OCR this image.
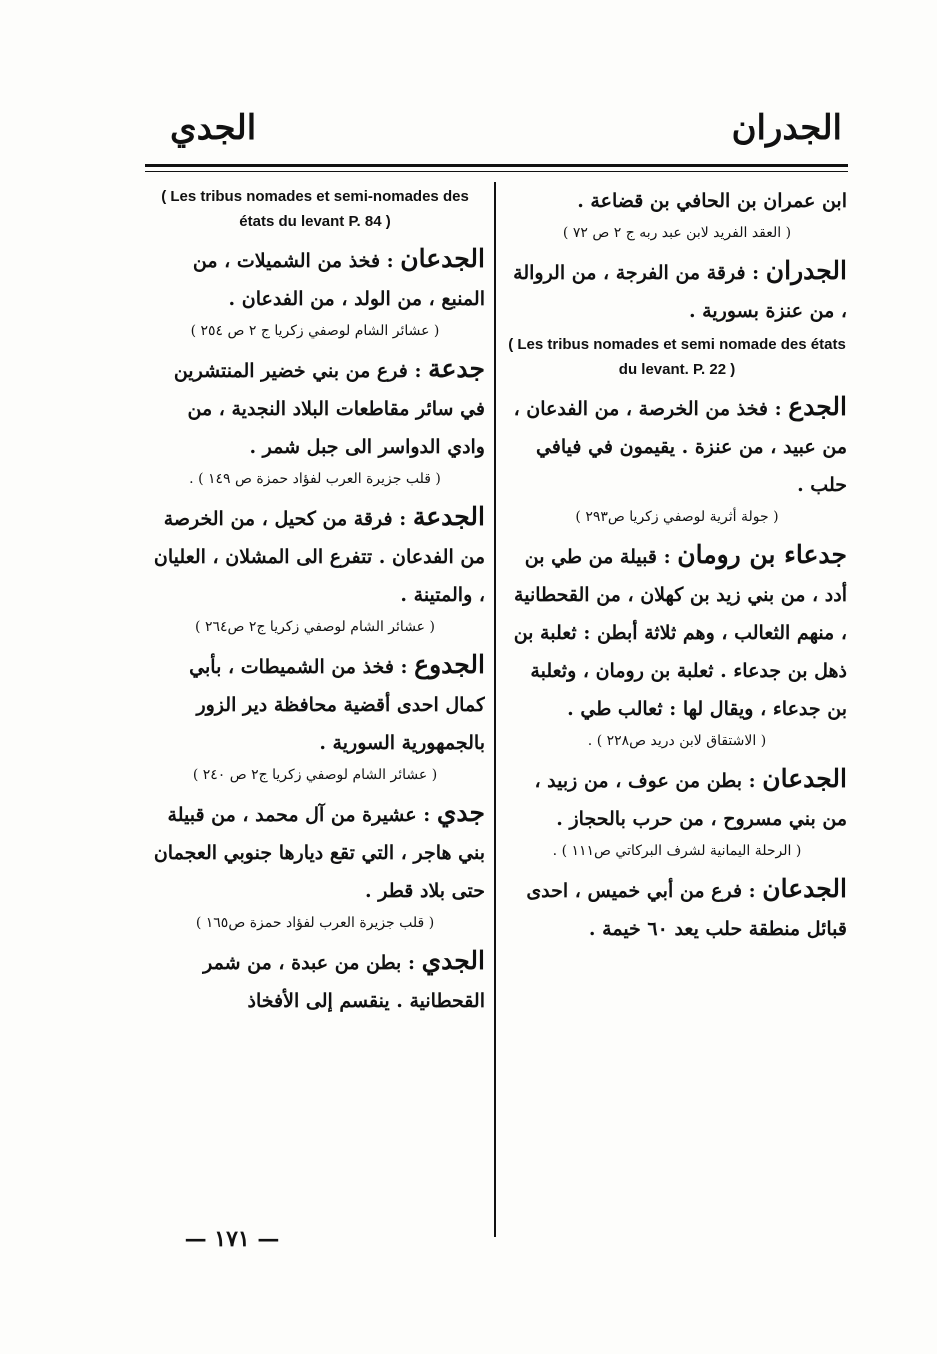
الجدران
الجدي

ابن عمران بن الحافي بن قضاعة .

( العقد الفريد لابن عبد ربه ج ٢ ص ٧٢ )

الجدران : فرقة من الفرجة ، من الروالة ، من عنزة بسورية .

( Les tribus nomades et semi nomade des états du levant. P. 22 )

الجدع : فخذ من الخرصة ، من الفدعان ، من عبيد ، من عنزة . يقيمون في فيافي حلب .

( جولة أثرية لوصفي زكريا ص٢٩٣ )

جدعاء بن رومان : قبيلة من طي بن أدد ، من بني زيد بن كهلان ، من القحطانية ، منهم الثعالب ، وهم ثلاثة أبطن : ثعلبة بن ذهل بن جدعاء . ثعلبة بن رومان ، وثعلبة بن جدعاء ، ويقال لها : ثعالب طي .

( الاشتقاق لابن دريد ص٢٢٨ ) .

الجدعان : بطن من عوف ، من زبيد ، من بني مسروح ، من حرب بالحجاز .

( الرحلة اليمانية لشرف البركاتي ص١١١ ) .

الجدعان : فرع من أبي خميس ، احدى قبائل منطقة حلب يعد ٦٠ خيمة .

( Les tribus nomades et semi-nomades des états du levant P. 84 )

الجدعان : فخذ من الشميلات ، من المنبع ، من الولد ، من الفدعان .

( عشائر الشام لوصفي زكريا ج ٢ ص ٢٥٤ )

جدعة : فرع من بني خضير المنتشرين في سائر مقاطعات البلاد النجدية ، من وادي الدواسر الى جبل شمر .

( قلب جزيرة العرب لفؤاد حمزة ص ١٤٩ ) .

الجدعة : فرقة من كحيل ، من الخرصة من الفدعان . تتفرع الى المشلان ، العليان ، والمتينة .

( عشائر الشام لوصفي زكريا ج٢ ص٢٦٤ )

الجدوع : فخذ من الشميطات ، بأبي كمال احدى أقضية محافظة دير الزور بالجمهورية السورية .

( عشائر الشام لوصفي زكريا ج٢ ص ٢٤٠ )

جدي : عشيرة من آل محمد ، من قبيلة بني هاجر ، التي تقع ديارها جنوبي العجمان حتى بلاد قطر .

( قلب جزيرة العرب لفؤاد حمزة ص١٦٥ )

الجدي : بطن من عبدة ، من شمر القحطانية . ينقسم إلى الأفخاذ

— ١٧١ —
